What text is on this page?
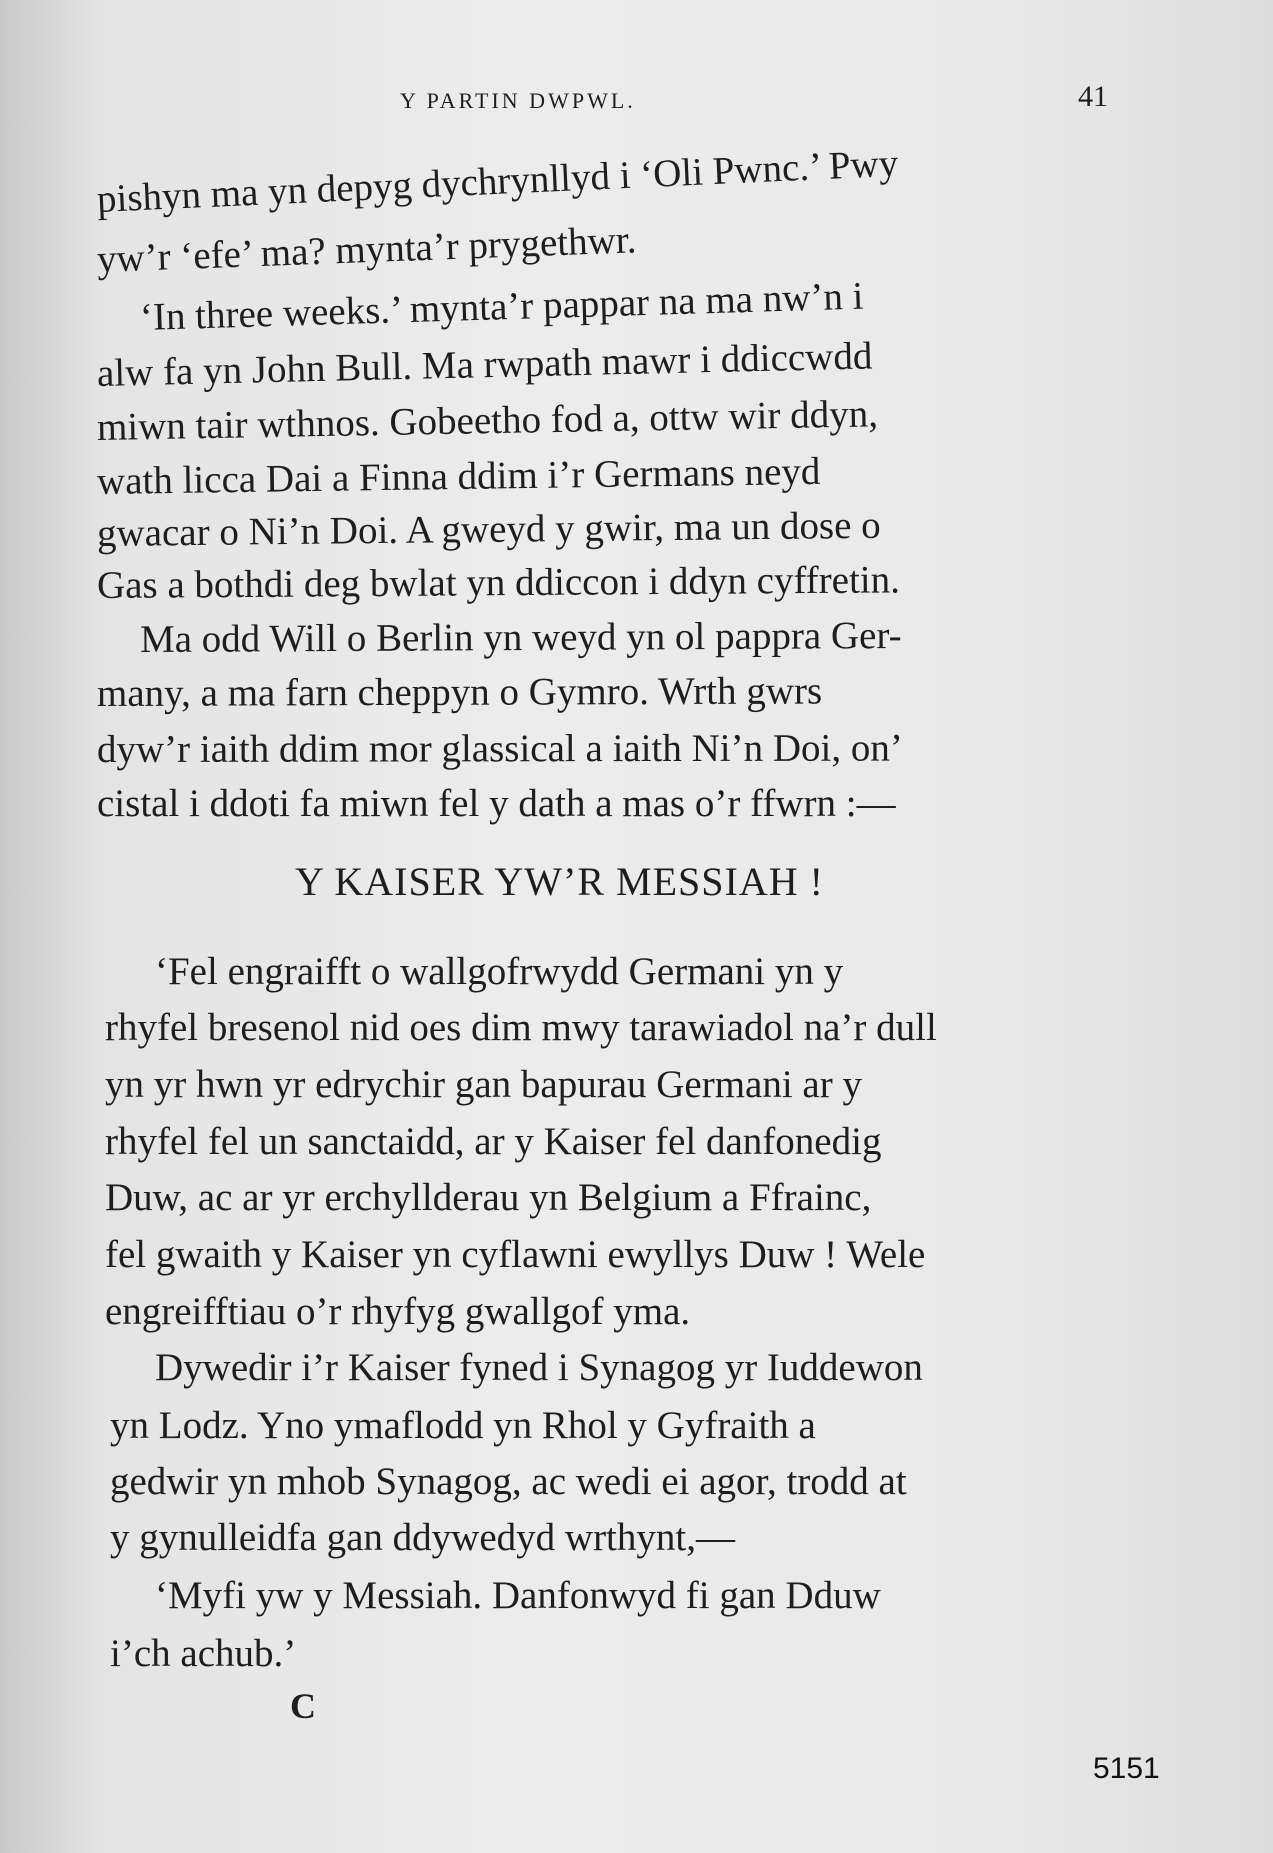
Y PARTIN DWPWL.	41
pishyn ma yn depyg dychrynllyd i ‘Oli Pwnc.’ Pwy
yw’r ‘efe’ ma? mynta’r prygethwr.
‘In three weeks.’ mynta’r pappar na ma nw’n i
alw fa yn John Bull. Ma rwpath mawr i ddiccwdd
miwn tair wthnos. Gobeetho fod a, ottw wir ddyn,
wath licca Dai a Finna ddim i’r Germans neyd
gwacar o Ni’n Doi. A gweyd y gwir, ma un dose o
Gas a bothdi deg bwlat yn ddiccon i ddyn cyffretin.
Ma odd Will o Berlin yn weyd yn ol pappra Ger-
many, a ma farn cheppyn o Gymro. Wrth gwrs
dyw’r iaith ddim mor glassical a iaith Ni’n Doi, on’
cistal i ddoti fa miwn fel y dath a mas o’r ffwrn :—
Y KAISER YW’R MESSIAH !
‘Fel engraifft o wallgofrwydd Germani yn y
rhyfel bresenol nid oes dim mwy tarawiadol na’r dull
yn yr hwn yr edrychir gan bapurau Germani ar y
rhyfel fel un sanctaidd, ar y Kaiser fel danfonedig
Duw, ac ar yr erchyllderau yn Belgium a Ffrainc,
fel gwaith y Kaiser yn cyflawni ewyllys Duw ! Wele
engreifftiau o’r rhyfyg gwallgof yma.
Dywedir i’r Kaiser fyned i Synagog yr Iuddewon
yn Lodz. Yno ymaflodd yn Rhol y Gyfraith a
gedwir yn mhob Synagog, ac wedi ei agor, trodd at
y gynulleidfa gan ddywedyd wrthynt,—
‘Myfi yw y Messiah. Danfonwyd fi gan Dduw
i’ch achub.’
C
5151
